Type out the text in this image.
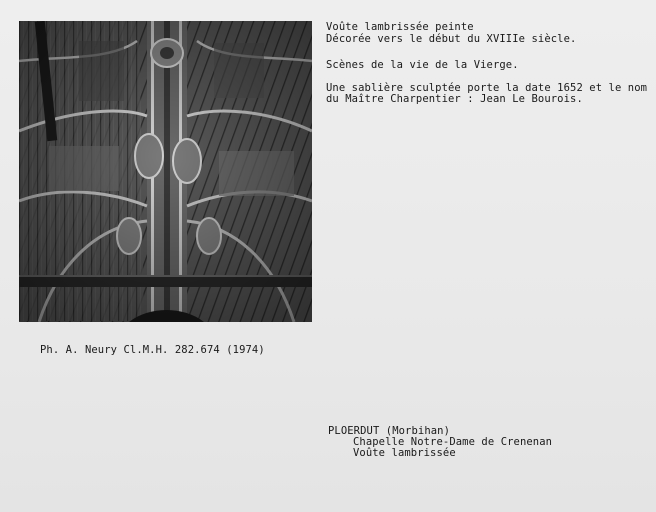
Voûte lambrissée peinte
Décorée vers le début du XVIIIe siècle.
Scènes de la vie de la Vierge.
Une sablière sculptée porte la date 1652 et le nom
du Maître Charpentier : Jean Le Bourois.
Ph. A. Neury Cl.M.H. 282.674 (1974)
PLOERDUT (Morbihan)
Chapelle Notre-Dame de Crenenan
Voûte lambrissée
